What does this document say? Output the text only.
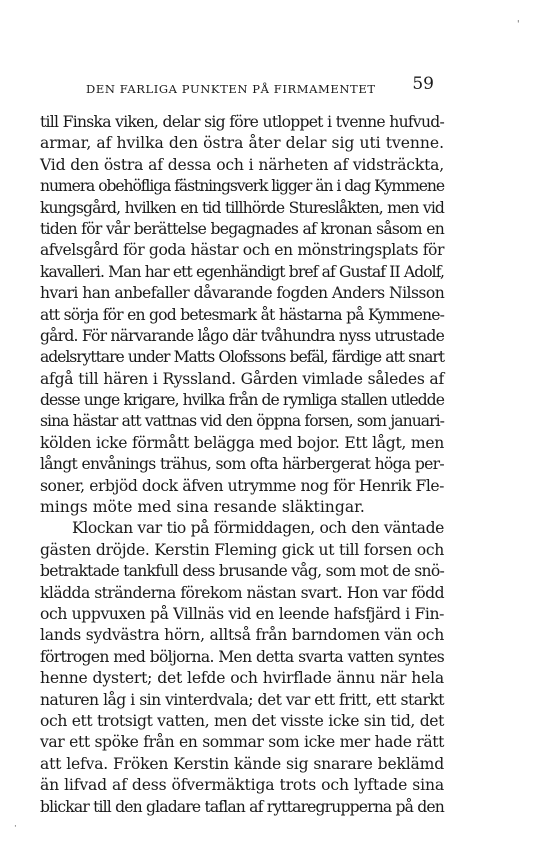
'
DEN FARLIGA PUNKTEN PÅ FIRMAMENTET 59
till Finska viken, delar sig före utloppet i tvenne hufvud-
armar, af hvilka den östra åter delar sig uti tvenne.
Vid den östra af dessa och i närheten af vidsträckta,
numera obehöfliga fästningsverk ligger än i dag Kymmene
kungsgård, hvilken en tid tillhörde Stureslåkten, men vid
tiden för vår berättelse begagnades af kronan såsom en
afvelsgård för goda hästar och en mönstringsplats för
kavalleri. Man har ett egenhändigt bref af Gustaf II Adolf,
hvari han anbefaller dåvarande fogden Anders Nilsson
att sörja för en god betesmark åt hästarna på Kymmene-
gård. För närvarande lågo där tvåhundra nyss utrustade
adelsryttare under Matts Olofssons befäl, färdige att snart
afgå till hären i Ryssland. Gården vimlade således af
desse unge krigare, hvilka från de rymliga stallen utledde
sina hästar att vattnas vid den öppna forsen, som januari-
kölden icke förmått belägga med bojor. Ett lågt, men
långt envånings trähus, som ofta härbergerat höga per-
soner, erbjöd dock äfven utrymme nog för Henrik Fle-
mings möte med sina resande släktingar.
Klockan var tio på förmiddagen, och den väntade
gästen dröjde. Kerstin Fleming gick ut till forsen och
betraktade tankfull dess brusande våg, som mot de snö-
klädda stränderna förekom nästan svart. Hon var född
och uppvuxen på Villnäs vid en leende hafsfjärd i Fin-
lands sydvästra hörn, alltså från barndomen vän och
förtrogen med böljorna. Men detta svarta vatten syntes
henne dystert; det lefde och hvirflade ännu när hela
naturen låg i sin vinterdvala; det var ett fritt, ett starkt
och ett trotsigt vatten, men det visste icke sin tid, det
var ett spöke från en sommar som icke mer hade rätt
att lefva. Fröken Kerstin kände sig snarare beklämd
än lifvad af dess öfvermäktiga trots och lyftade sina
blickar till den gladare taflan af ryttaregrupperna på den
·
